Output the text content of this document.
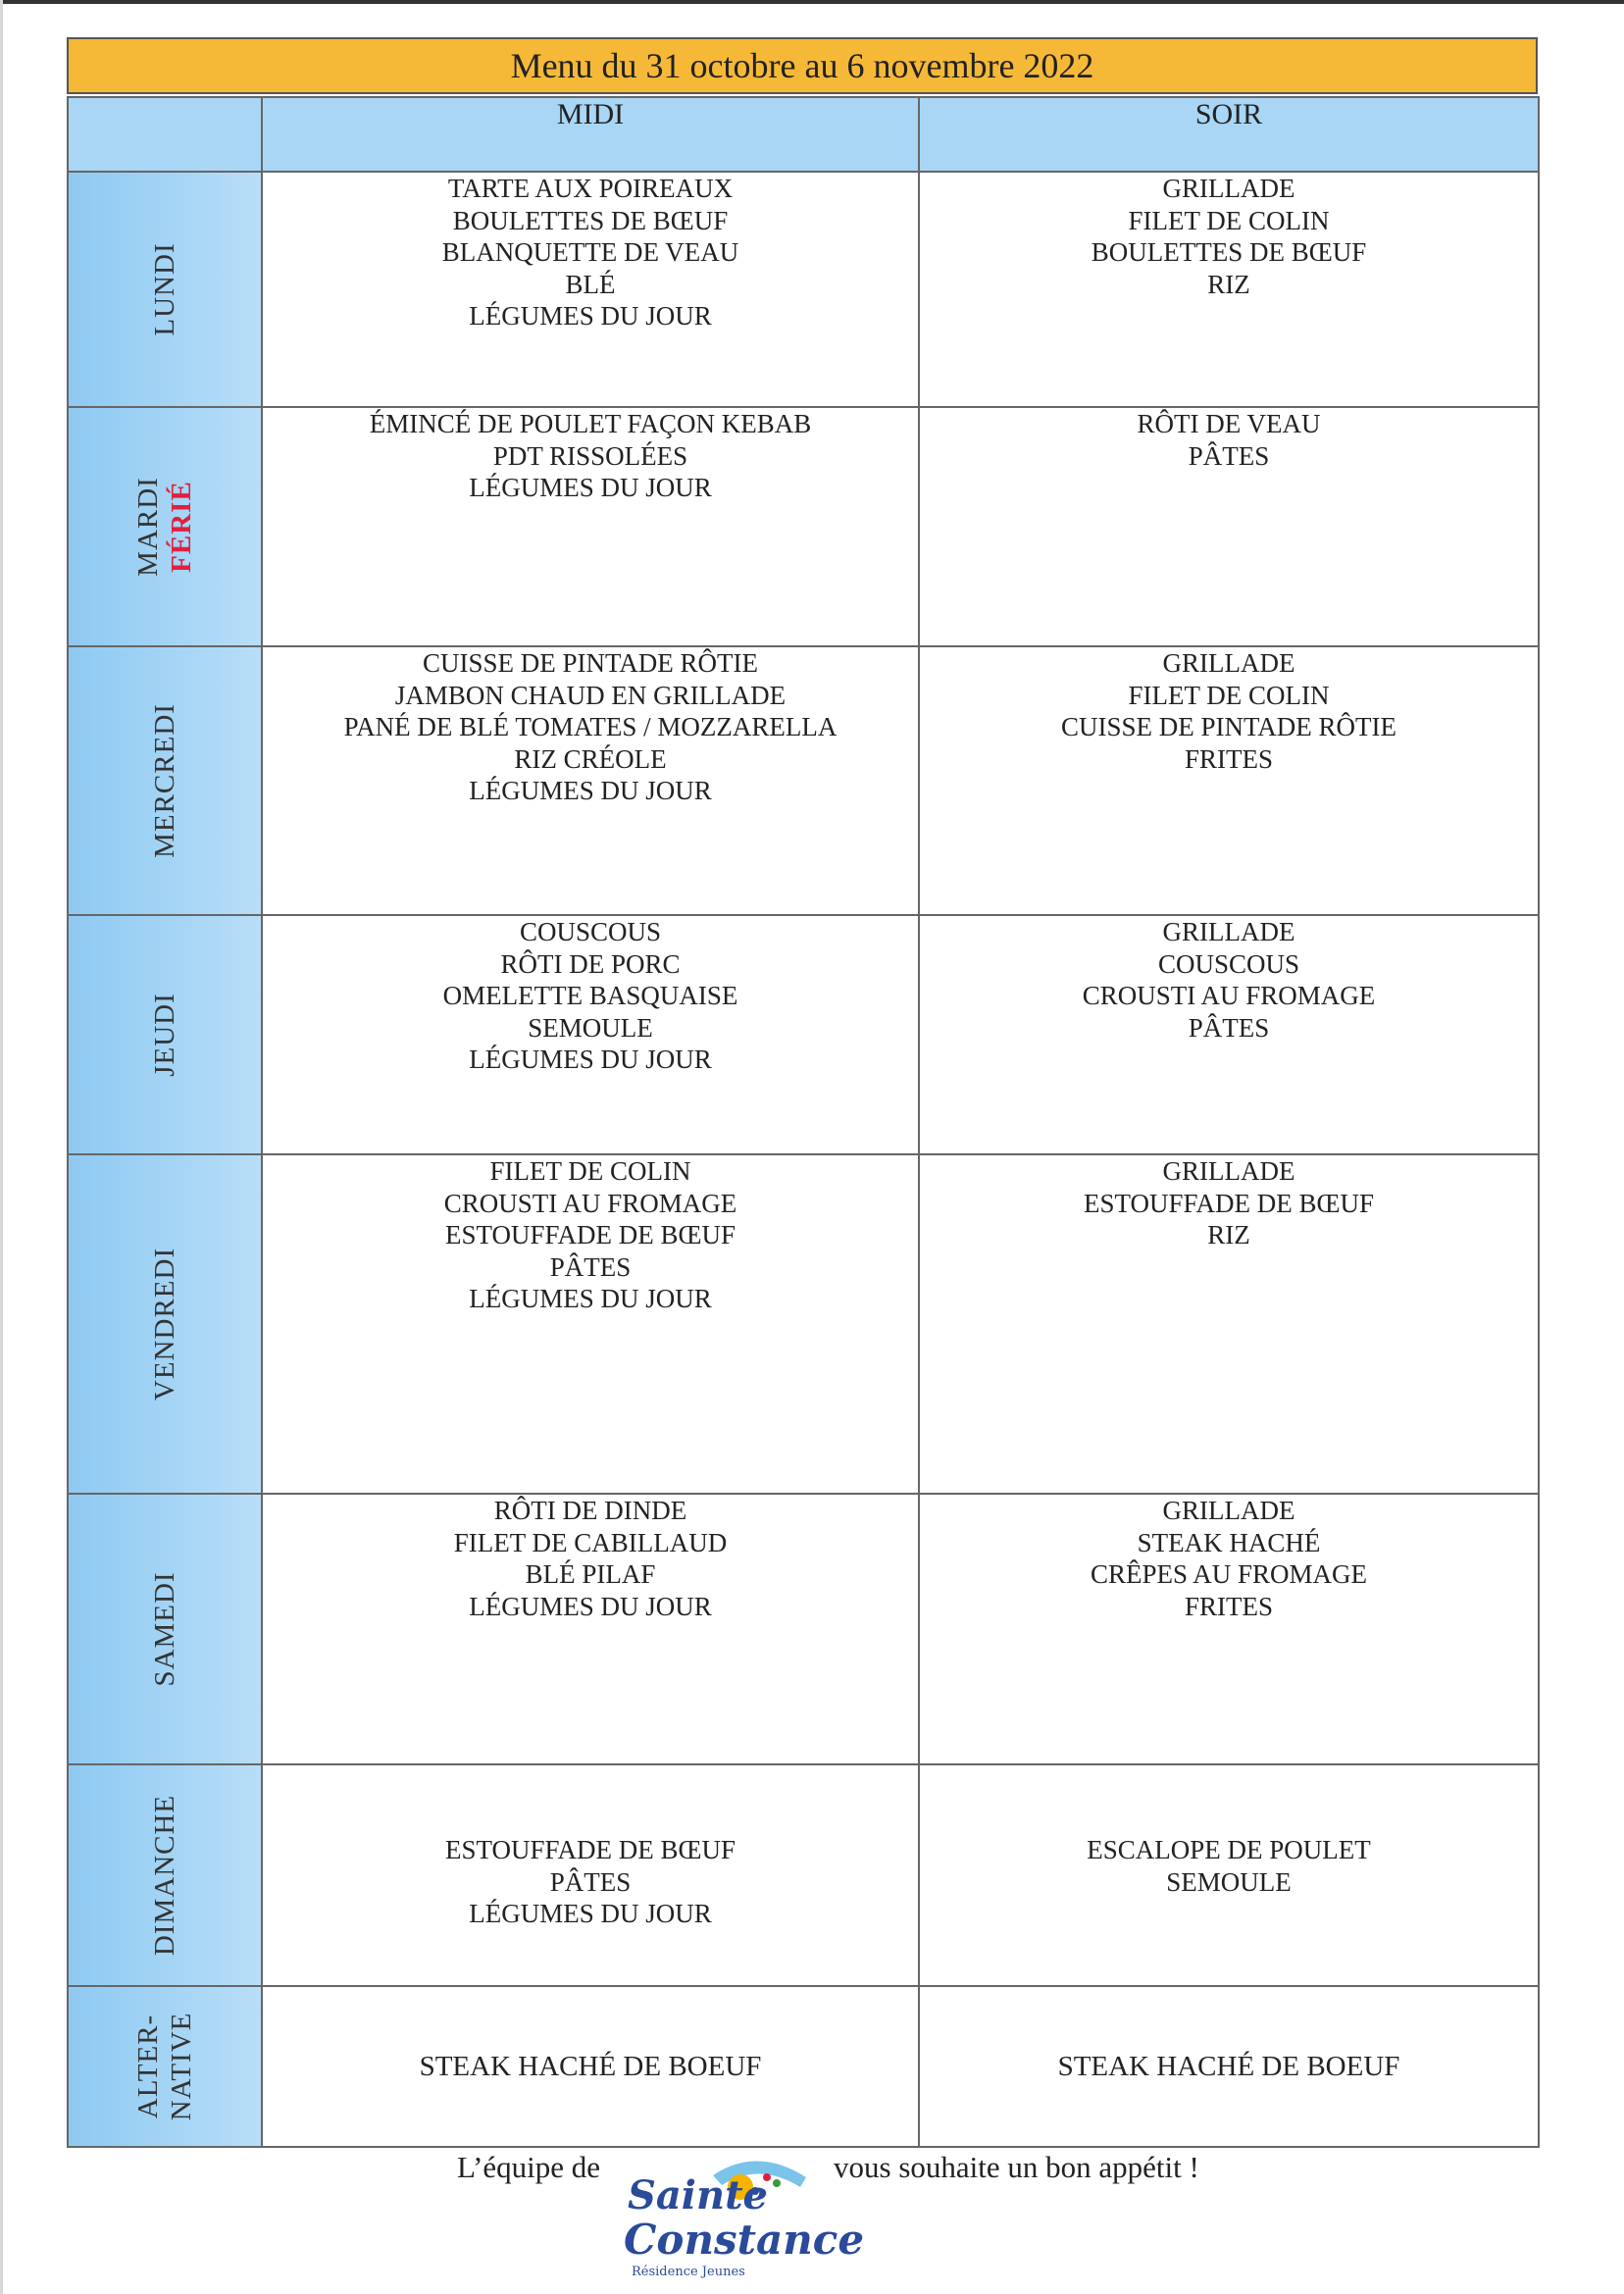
Menu du 31 octobre au 6 novembre 2022
	MIDI	SOIR

LUNDI	TARTE AUX POIREAUX
BOULETTES DE BŒUF
BLANQUETTE DE VEAU
BLÉ
LÉGUMES DU JOUR	GRILLADE
FILET DE COLIN
BOULETTES DE BŒUF
RIZ

MARDI FÉRIÉ	ÉMINCÉ DE POULET FAÇON KEBAB
PDT RISSOLÉES
LÉGUMES DU JOUR	RÔTI DE VEAU
PÂTES

MERCREDI	CUISSE DE PINTADE RÔTIE
JAMBON CHAUD EN GRILLADE
PANÉ DE BLÉ TOMATES / MOZZARELLA
RIZ CRÉOLE
LÉGUMES DU JOUR	GRILLADE
FILET DE COLIN
CUISSE DE PINTADE RÔTIE
FRITES

JEUDI	COUSCOUS
RÔTI DE PORC
OMELETTE BASQUAISE
SEMOULE
LÉGUMES DU JOUR	GRILLADE
COUSCOUS
CROUSTI AU FROMAGE
PÂTES

VENDREDI	FILET DE COLIN
CROUSTI AU FROMAGE
ESTOUFFADE DE BŒUF
PÂTES
LÉGUMES DU JOUR	GRILLADE
ESTOUFFADE DE BŒUF
RIZ

SAMEDI	RÔTI DE DINDE
FILET DE CABILLAUD
BLÉ PILAF
LÉGUMES DU JOUR	GRILLADE
STEAK HACHÉ
CRÊPES AU FROMAGE
FRITES

DIMANCHE	ESTOUFFADE DE BŒUF
PÂTES
LÉGUMES DU JOUR	ESCALOPE DE POULET
SEMOULE

ALTER- NATIVE	STEAK HACHÉ DE BOEUF	STEAK HACHÉ DE BOEUF
L’équipe de
Sainte
Constance
Résidence Jeunes
vous souhaite un bon appétit !
